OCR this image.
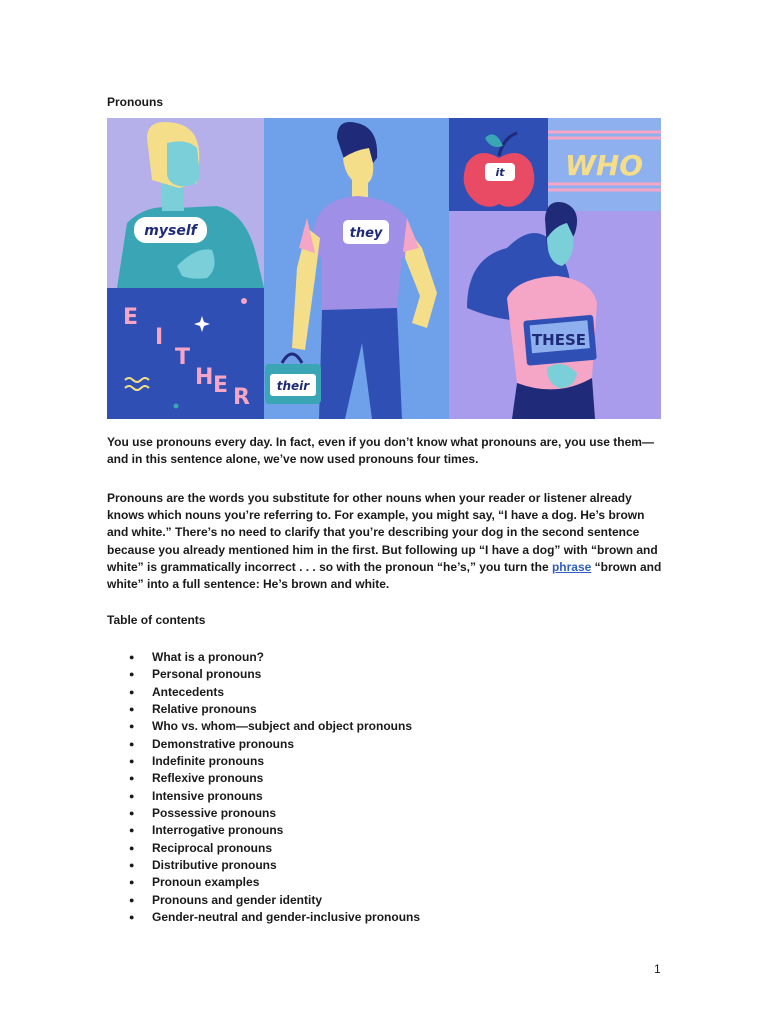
Pronouns
myself
E
I
T
H E R
they
their
it WHO
THESE

You use pronouns every day. In fact, even if you don’t know what pronouns are, you use them—and in this sentence alone, we’ve now used pronouns four times.

Pronouns are the words you substitute for other nouns when your reader or listener already knows which nouns you’re referring to. For example, you might say, “I have a dog. He’s brown and white.” There’s no need to clarify that you’re describing your dog in the second sentence because you already mentioned him in the first. But following up “I have a dog” with “brown and white” is grammatically incorrect . . . so with the pronoun “he’s,” you turn the phrase “brown and white” into a full sentence: He’s brown and white.

Table of contents
● What is a pronoun?
● Personal pronouns
● Antecedents
● Relative pronouns
● Who vs. whom—subject and object pronouns
● Demonstrative pronouns
● Indefinite pronouns
● Reflexive pronouns
● Intensive pronouns
● Possessive pronouns
● Interrogative pronouns
● Reciprocal pronouns
● Distributive pronouns
● Pronoun examples
● Pronouns and gender identity
● Gender-neutral and gender-inclusive pronouns
1
